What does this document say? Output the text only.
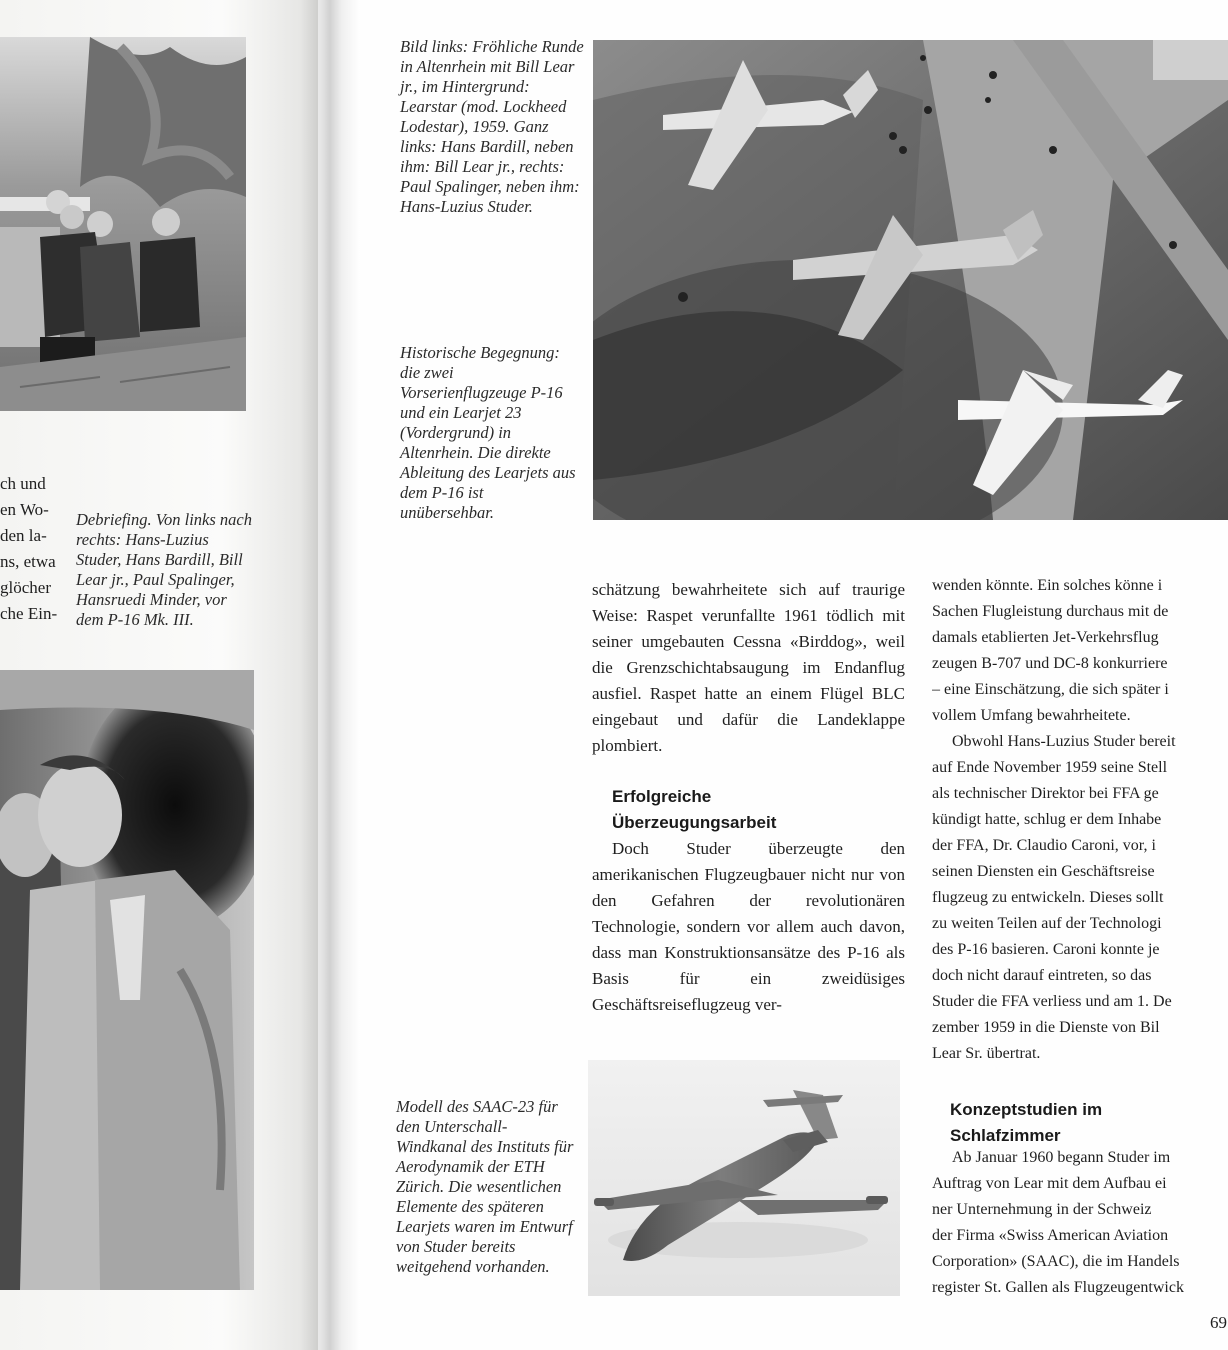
ch und
en Wo-
den la-
ns, etwa
glöcher
che Ein-
Debriefing. Von links nach rechts: Hans-Luzius Studer, Hans Bardill, Bill Lear jr., Paul Spalinger, Hansruedi Minder, vor dem P-16 Mk. III.
Bild links: Fröhliche Runde in Altenrhein mit Bill Lear jr., im Hintergrund: Learstar (mod. Lockheed Lodestar), 1959. Ganz links: Hans Bardill, neben ihm: Bill Lear jr., rechts: Paul Spalinger, neben ihm: Hans-Luzius Studer.
Historische Begegnung: die zwei Vorserienflugzeuge P-16 und ein Learjet 23 (Vordergrund) in Altenrhein. Die direkte Ableitung des Learjets aus dem P-16 ist unübersehbar.

schätzung bewahrheitete sich auf traurige Weise: Raspet verunfallte 1961 tödlich mit seiner umgebauten Cessna «Birddog», weil die Grenzschichtabsaugung im Endanflug ausfiel. Raspet hatte an einem Flügel BLC eingebaut und dafür die Landeklappe plombiert.

Erfolgreiche Überzeugungsarbeit

Doch Studer überzeugte den amerikanischen Flugzeugbauer nicht nur von den Gefahren der revolutionären Technologie, sondern vor allem auch davon, dass man Konstruktionsansätze des P-16 als Basis für ein zweidüsiges Geschäftsreiseflugzeug ver-

wenden könnte. Ein solches könne i
Sachen Flugleistung durchaus mit de
damals etablierten Jet-Verkehrsflug
zeugen B-707 und DC-8 konkurriere
– eine Einschätzung, die sich später i
vollem Umfang bewahrheitete.
Obwohl Hans-Luzius Studer bereit
auf Ende November 1959 seine Stell
als technischer Direktor bei FFA ge
kündigt hatte, schlug er dem Inhabe
der FFA, Dr. Claudio Caroni, vor, i
seinen Diensten ein Geschäftsreise
flugzeug zu entwickeln. Dieses sollt
zu weiten Teilen auf der Technologi
des P-16 basieren. Caroni konnte je
doch nicht darauf eintreten, so das
Studer die FFA verliess und am 1. De
zember 1959 in die Dienste von Bil
Lear Sr. übertrat.
Konzeptstudien im Schlafzimmer
Ab Januar 1960 begann Studer im
Auftrag von Lear mit dem Aufbau ei
ner Unternehmung in der Schweiz
der Firma «Swiss American Aviation
Corporation» (SAAC), die im Handels
register St. Gallen als Flugzeugentwick
Modell des SAAC-23 für den Unterschall-Windkanal des Instituts für Aerodynamik der ETH Zürich. Die wesentlichen Elemente des späteren Learjets waren im Entwurf von Studer bereits weitgehend vorhanden.
69
